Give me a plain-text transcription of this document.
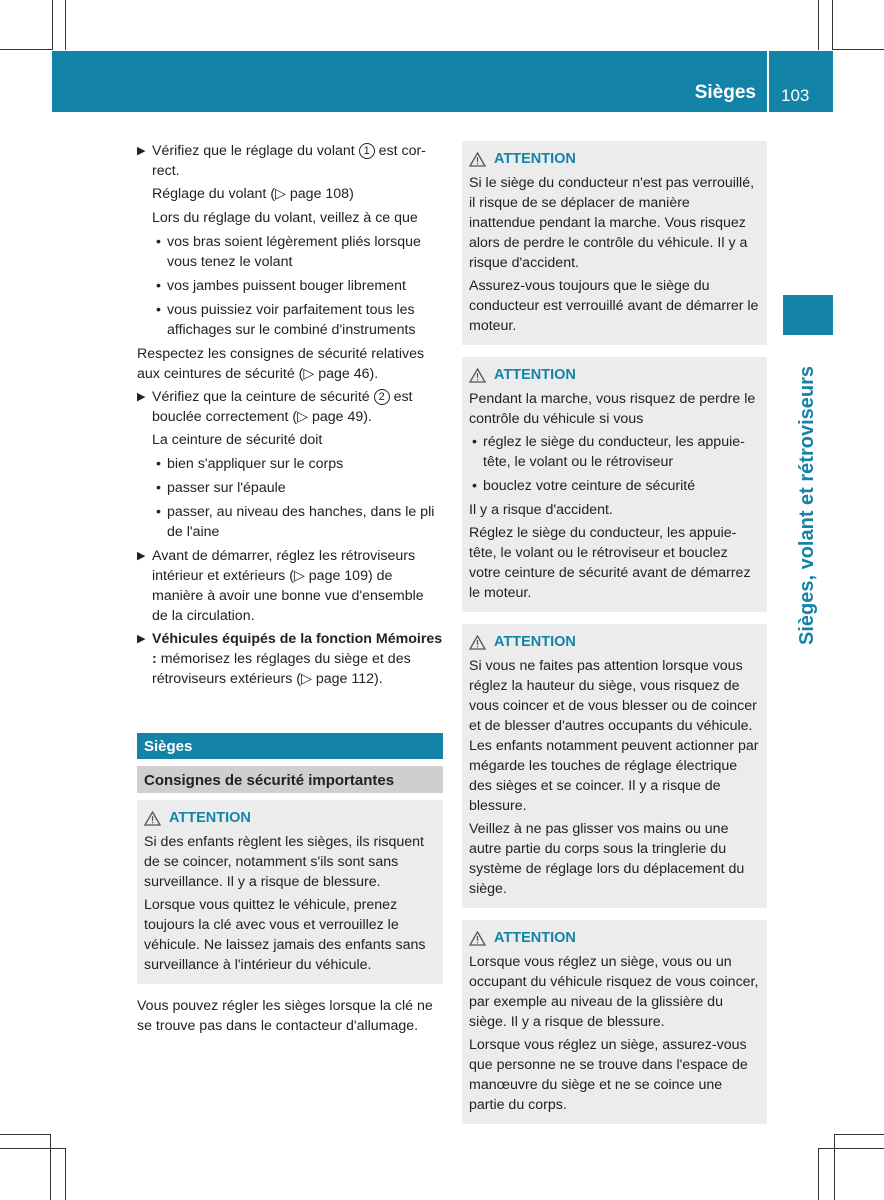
Sièges 103
Sièges, volant et rétroviseurs
▶ Vérifiez que le réglage du volant 1 est cor-rect.

Réglage du volant (▷ page 108)

Lors du réglage du volant, veillez à ce que

• vos bras soient légèrement pliés lorsque vous tenez le volant
• vos jambes puissent bouger librement
• vous puissiez voir parfaitement tous les affichages sur le combiné d'instruments

Respectez les consignes de sécurité relatives aux ceintures de sécurité (▷ page 46).

▶ Vérifiez que la ceinture de sécurité 2 est bouclée correctement (▷ page 49).

La ceinture de sécurité doit

• bien s'appliquer sur le corps
• passer sur l'épaule
• passer, au niveau des hanches, dans le pli de l'aine
▶ Avant de démarrer, réglez les rétroviseurs intérieur et extérieurs (▷ page 109) de manière à avoir une bonne vue d'ensemble de la circulation.
▶ Véhicules équipés de la fonction Mémoires : mémorisez les réglages du siège et des rétroviseurs extérieurs (▷ page 112).
Sièges
Consignes de sécurité importantes
ATTENTION

Si des enfants règlent les sièges, ils risquent de se coincer, notamment s'ils sont sans surveillance. Il y a risque de blessure.

Lorsque vous quittez le véhicule, prenez toujours la clé avec vous et verrouillez le véhicule. Ne laissez jamais des enfants sans surveillance à l'intérieur du véhicule.

Vous pouvez régler les sièges lorsque la clé ne se trouve pas dans le contacteur d'allumage.

ATTENTION

Si le siège du conducteur n'est pas verrouillé, il risque de se déplacer de manière inattendue pendant la marche. Vous risquez alors de perdre le contrôle du véhicule. Il y a risque d'accident.

Assurez-vous toujours que le siège du conducteur est verrouillé avant de démarrer le moteur.

ATTENTION

Pendant la marche, vous risquez de perdre le contrôle du véhicule si vous

• réglez le siège du conducteur, les appuie-tête, le volant ou le rétroviseur
• bouclez votre ceinture de sécurité

Il y a risque d'accident.

Réglez le siège du conducteur, les appuie-tête, le volant ou le rétroviseur et bouclez votre ceinture de sécurité avant de démarrez le moteur.

ATTENTION

Si vous ne faites pas attention lorsque vous réglez la hauteur du siège, vous risquez de vous coincer et de vous blesser ou de coincer et de blesser d'autres occupants du véhicule. Les enfants notamment peuvent actionner par mégarde les touches de réglage électrique des sièges et se coincer. Il y a risque de blessure.

Veillez à ne pas glisser vos mains ou une autre partie du corps sous la tringlerie du système de réglage lors du déplacement du siège.

ATTENTION

Lorsque vous réglez un siège, vous ou un occupant du véhicule risquez de vous coincer, par exemple au niveau de la glissière du siège. Il y a risque de blessure.

Lorsque vous réglez un siège, assurez-vous que personne ne se trouve dans l'espace de manœuvre du siège et ne se coince une partie du corps.
